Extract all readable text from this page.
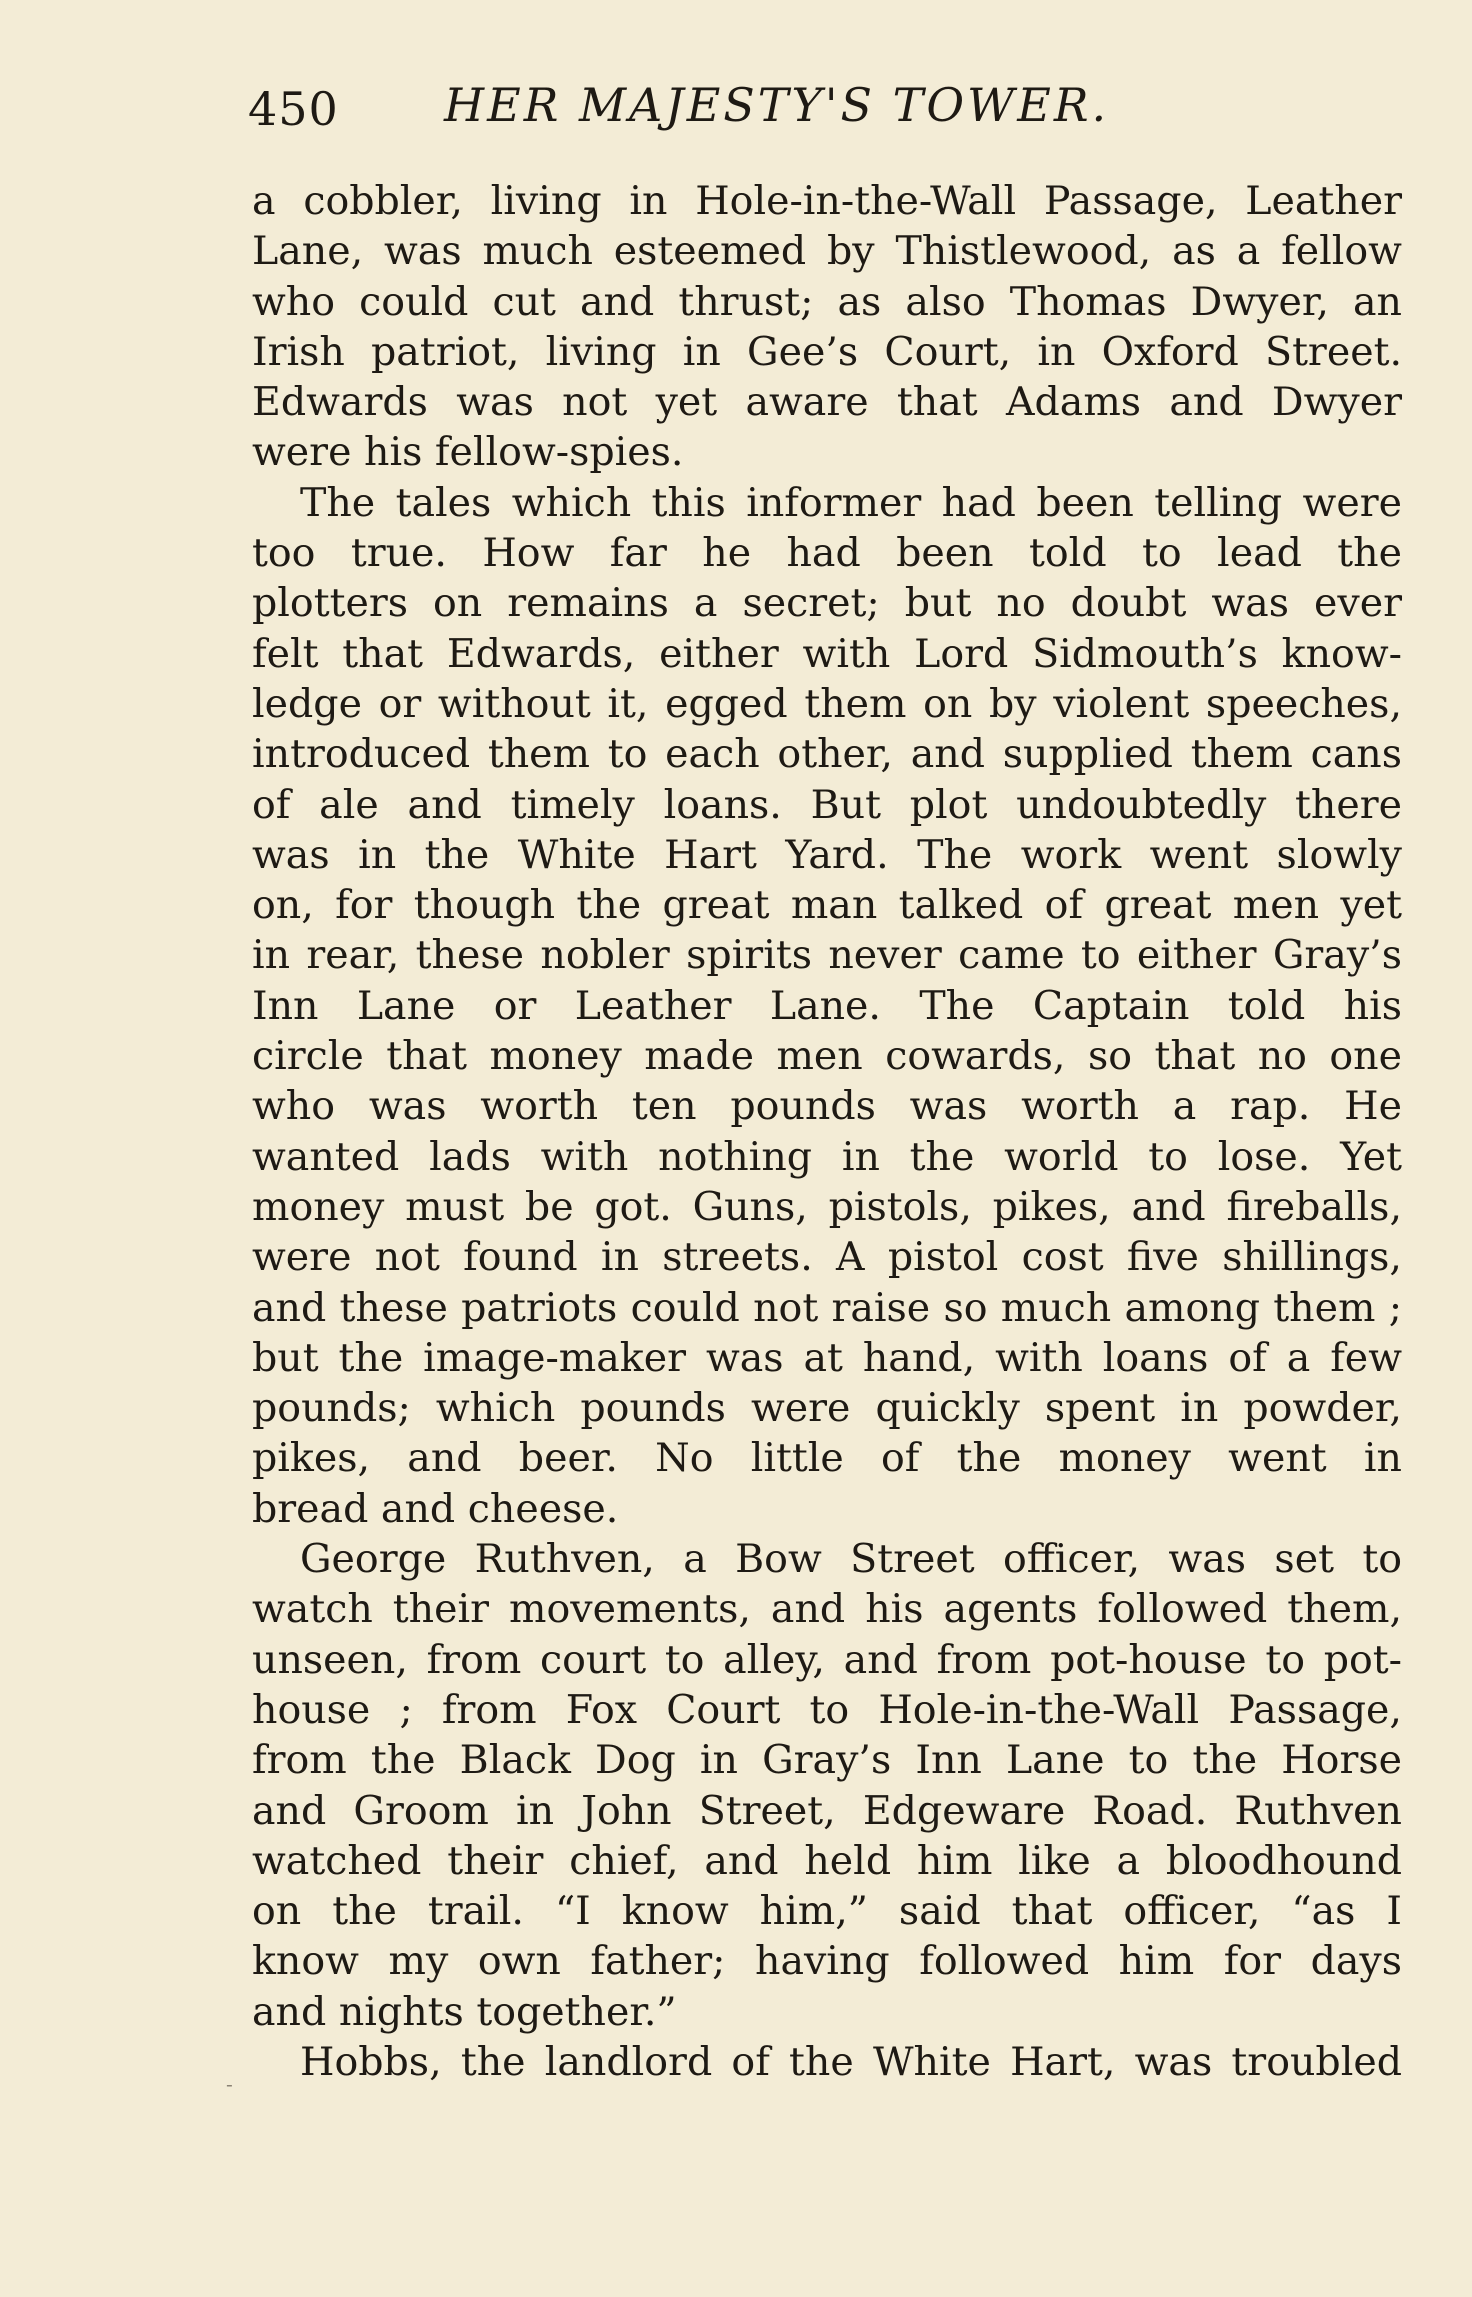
450 HER MAJESTY'S TOWER.
a cobbler, living in Hole-in-the-Wall Passage, Leather
Lane, was much esteemed by Thistlewood, as a fellow
who could cut and thrust; as also Thomas Dwyer, an
Irish patriot, living in Gee’s Court, in Oxford Street.
Edwards was not yet aware that Adams and Dwyer
were his fellow-spies.
The tales which this informer had been telling were
too true. How far he had been told to lead the
plotters on remains a secret; but no doubt was ever
felt that Edwards, either with Lord Sidmouth’s know-
ledge or without it, egged them on by violent speeches,
introduced them to each other, and supplied them cans
of ale and timely loans. But plot undoubtedly there
was in the White Hart Yard. The work went slowly
on, for though the great man talked of great men yet
in rear, these nobler spirits never came to either Gray’s
Inn Lane or Leather Lane. The Captain told his
circle that money made men cowards, so that no one
who was worth ten pounds was worth a rap. He
wanted lads with nothing in the world to lose. Yet
money must be got. Guns, pistols, pikes, and fireballs,
were not found in streets. A pistol cost five shillings,
and these patriots could not raise so much among them ;
but the image-maker was at hand, with loans of a few
pounds; which pounds were quickly spent in powder,
pikes, and beer. No little of the money went in
bread and cheese.
George Ruthven, a Bow Street officer, was set to
watch their movements, and his agents followed them,
unseen, from court to alley, and from pot-house to pot-
house ; from Fox Court to Hole-in-the-Wall Passage,
from the Black Dog in Gray’s Inn Lane to the Horse
and Groom in John Street, Edgeware Road. Ruthven
watched their chief, and held him like a bloodhound
on the trail. “I know him,” said that officer, “as I
know my own father; having followed him for days
and nights together.”
Hobbs, the landlord of the White Hart, was troubled
-
